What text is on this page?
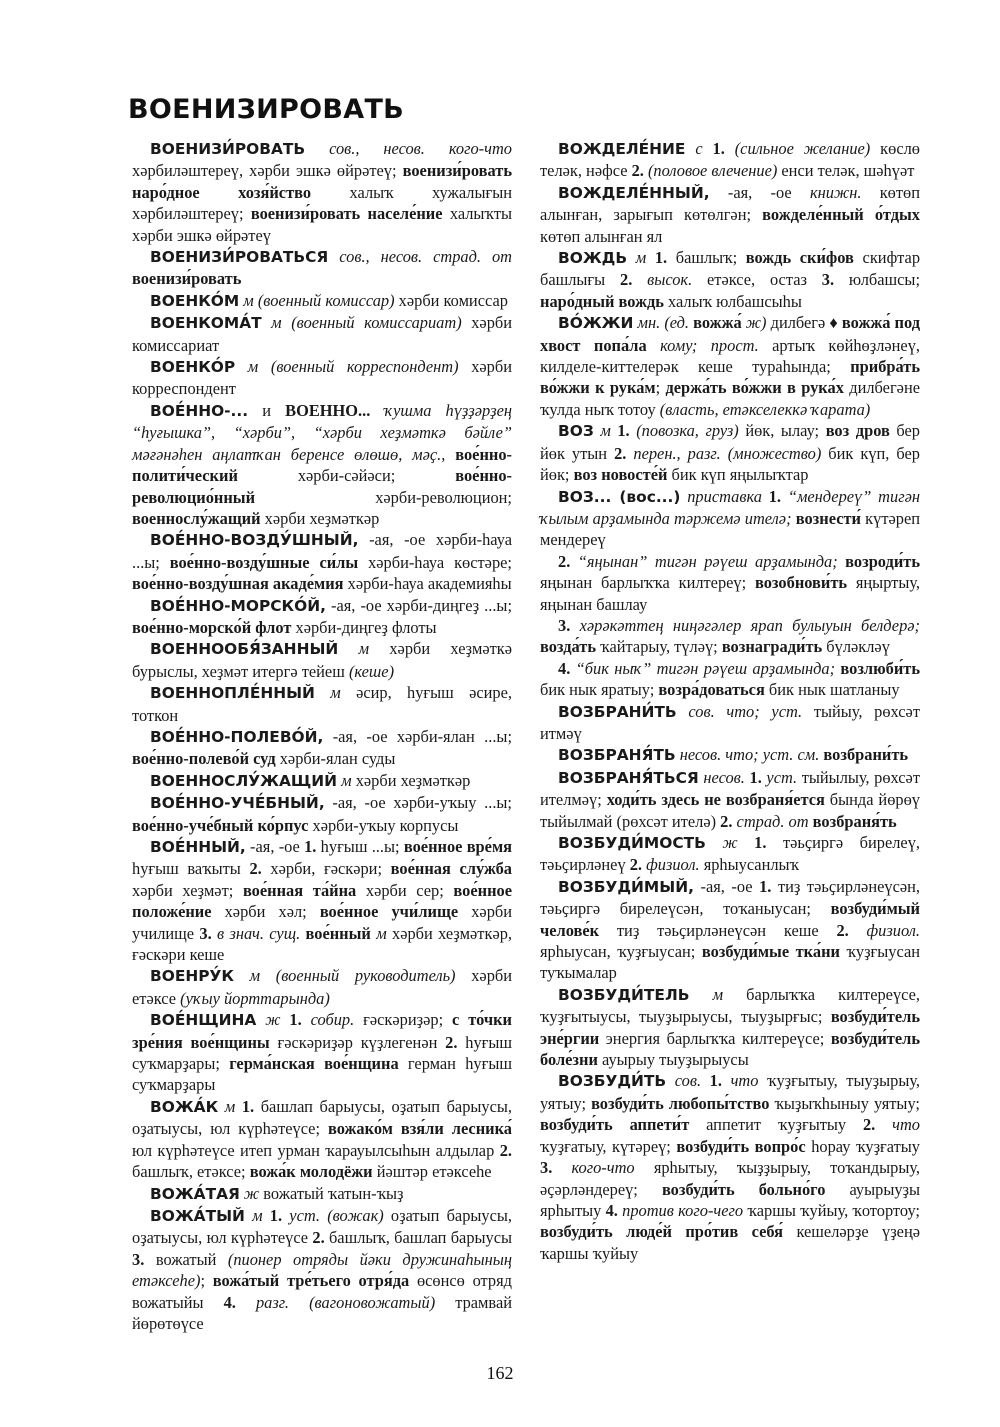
ВОЕНИЗИРОВАТЬ

ВОЕНИЗИ́РОВАТЬ сов., несов. кого-что хәрбиләштереү, хәрби эшкә өйрәтеү; военизи́ровать наро́дное хозя́йство халыҡ хужалығын хәрбиләштереү; военизи́ровать населе́ние халыҡты хәрби эшкә өйрәтеү

ВОЕНИЗИ́РОВАТЬСЯ сов., несов. страд. от военизи́ровать

ВОЕНКО́М м (военный комиссар) хәрби комиссар

ВОЕНКОМА́Т м (военный комиссариат) хәрби комиссариат

ВОЕНКО́Р м (военный корреспондент) хәрби корреспондент

ВОЕ́ННО-... и ВОЕННО... ҡушма һүҙҙәрҙең “һуғышка”, “хәрби”, “хәрби хеҙмәткә бәйле” мәғәнәһен аңлатҡан беренсе өлөшө, мәҫ., вое́нно-полити́ческий хәрби-сәйәси; вое́нно-революцио́нный хәрби-революцион; военнослу́жащий хәрби хеҙмәткәр

ВОЕ́ННО-ВОЗДУ́ШНЫЙ, -ая, -ое хәрби-һауа ...ы; вое́нно-возду́шные си́лы хәрби-һауа көстәре; вое́нно-возду́шная акаде́мия хәрби-һауа академияһы

ВОЕ́ННО-МОРСКО́Й, -ая, -ое хәрби-диңгеҙ ...ы; вое́нно-морско́й флот хәрби-диңгеҙ флоты

ВОЕННООБЯ́ЗАННЫЙ м хәрби хеҙмәткә бурыслы, хеҙмәт итергә тейеш (кеше)

ВОЕННОПЛЕ́ННЫЙ м әсир, һуғыш әсире, тоткон

ВОЕ́ННО-ПОЛЕВО́Й, -ая, -ое хәрби-ялан ...ы; вое́нно-полево́й суд хәрби-ялан суды

ВОЕННОСЛУ́ЖАЩИЙ м хәрби хеҙмәткәр

ВОЕ́ННО-УЧЕ́БНЫЙ, -ая, -ое хәрби-уҡыу ...ы; вое́нно-уче́бный ко́рпус хәрби-уҡыу корпусы

ВОЕ́ННЫЙ, -ая, -ое 1. һуғыш ...ы; вое́нное вре́мя һуғыш ваҡыты 2. хәрби, ғәскәри; вое́нная слу́жба хәрби хеҙмәт; вое́нная та́йна хәрби сер; вое́нное положе́ние хәрби хәл; вое́нное учи́лище хәрби училище 3. в знач. сущ. вое́нный м хәрби хеҙмәткәр, ғәскәри кеше

ВОЕНРУ́К м (военный руководитель) хәрби етәксе (уҡыу йорттарында)

ВОЕ́НЩИНА ж 1. собир. ғәскәриҙәр; с то́чки зре́ния вое́нщины ғәскәриҙәр күҙлегенән 2. һуғыш суҡмарҙары; герма́нская вое́нщина герман һуғыш суҡмарҙары

ВОЖА́К м 1. башлап барыусы, оҙатып барыусы, оҙатыусы, юл күрһәтеүсе; вожако́м взя́ли лесника́ юл күрһәтеүсе итеп урман ҡарауылсыһын алдылар 2. башлыҡ, етәксе; вожа́к молодёжи йәштәр етәксеһе

ВОЖА́ТАЯ ж вожатый ҡатын-ҡыҙ

ВОЖА́ТЫЙ м 1. уст. (вожак) оҙатып барыусы, оҙатыусы, юл күрһәтеүсе 2. башлыҡ, башлап барыусы 3. вожатый (пионер отряды йәки дружинаһының етәксеһе); вожа́тый тре́тьего отря́да өсөнсө отряд вожатыйы 4. разг. (вагоновожатый) трамвай йөрөтөүсе

ВОЖДЕЛЕ́НИЕ с 1. (сильное желание) көслө теләк, нәфсе 2. (половое влечение) енси теләк, шәһүәт

ВОЖДЕЛЕ́ННЫЙ, -ая, -ое книжн. көтөп алынған, зарығып көтөлгән; вожделе́нный о́тдых көтөп алынған ял

ВОЖДЬ м 1. башлыҡ; вождь ски́фов скифтар башлығы 2. высок. етәксе, остаз 3. юлбашсы; наро́дный вождь халыҡ юлбашсыһы

ВО́ЖЖИ мн. (ед. вожжа́ ж) дилбегә ♦ вожжа́ под хвост попа́ла кому; прост. артыҡ көйһөҙләнеү, килделе-киттелерәк кеше тураһында; прибра́ть во́жжи к рука́м; держа́ть во́жжи в рука́х дилбегәне ҡулда ныҡ тотоу (власть, етәкселеккә ҡарата)

ВОЗ м 1. (повозка, груз) йөк, ылау; воз дров бер йөк утын 2. перен., разг. (множество) бик күп, бер йөк; воз новосте́й бик күп яңылыҡтар

ВОЗ... (вос...) приставка 1. “мендереү” тигән ҡылым арҙамында тәржемә ителә; вознести́ күтәреп мендереү

2. “яңынан” тигән рәүеш арҙамында; возроди́ть яңынан барлыҡҡа килтереү; возобнови́ть яңыртыу, яңынан башлау

3. хәрәкәттең ниңәгәлер ярап булыуын белдерә; возда́ть ҡайтарыу, түләү; вознагради́ть бүләкләү

4. “бик ныҡ” тигән рәүеш арҙамында; возлюби́ть бик нык яратыу; возра́доваться бик нык шатланыу

ВОЗБРАНИ́ТЬ сов. что; уст. тыйыу, рөхсәт итмәү

ВОЗБРАНЯ́ТЬ несов. что; уст. см. возбрани́ть

ВОЗБРАНЯ́ТЬСЯ несов. 1. уст. тыйылыу, рөхсәт ителмәү; ходи́ть здесь не возбраня́ется бында йөрөү тыйылмай (рөхсәт ителә) 2. страд. от возбраня́ть

ВОЗБУДИ́МОСТЬ ж 1. тәьҫиргә бирелеү, тәьҫирләнеү 2. физиол. ярһыусанлыҡ

ВОЗБУДИ́МЫЙ, -ая, -ое 1. тиҙ тәьҫирләнеүсән, тәьҫиргә бирелеүсән, тоҡаныусан; возбуди́мый челове́к тиҙ тәьҫирләнеүсән кеше 2. физиол. ярһыусан, ҡуҙғыусан; возбуди́мые тка́ни ҡуҙғыусан туҡымалар

ВОЗБУДИ́ТЕЛЬ м барлыҡҡа килтереүсе, ҡуҙғытыусы, тыуҙырыусы, тыуҙырғыс; возбуди́тель эне́ргии энергия барлыҡҡа килтереүсе; возбуди́тель боле́зни ауырыу тыуҙырыусы

ВОЗБУДИ́ТЬ сов. 1. что ҡуҙғытыу, тыуҙырыу, уятыу; возбуди́ть любопы́тство ҡыҙыҡһыныу уятыу; возбуди́ть аппети́т аппетит ҡуҙғытыу 2. что ҡуҙғатыу, күтәреү; возбуди́ть вопро́с һорау ҡуҙғатыу 3. кого-что ярһытыу, ҡыҙҙырыу, тоҡандырыу, әҫәрләндереү; возбуди́ть больно́го ауырыуҙы ярһытыу 4. против кого-чего ҡаршы ҡуйыу, ҡотортоу; возбуди́ть люде́й про́тив себя́ кешеләрҙе үҙеңә ҡаршы ҡуйыу

162
